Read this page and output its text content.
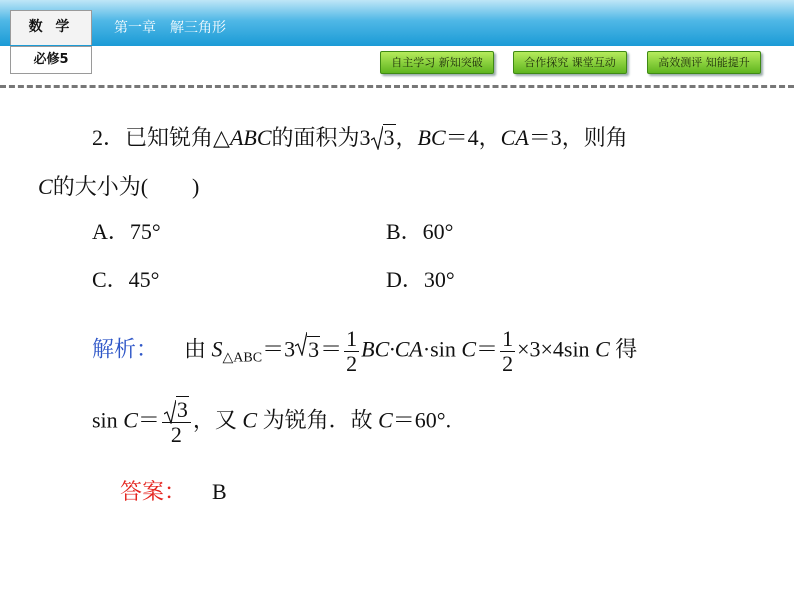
数 学	第一章　解三角形
必修5	自主学习 新知突破	合作探究 课堂互动	高效测评 知能提升
2．已知锐角△ABC的面积为3 3，BC＝4，CA＝3，则角
C的大小为(　　)
A．75°	B．60°
C．45°	D．30°
解析： 由 $S_{\triangle ABC}=3$ $3= \frac{1}{2} BC\cdot CA\cdot\sin$ $C= \frac{1}{2} \times 3\times 4\sin$ C 得
$\sin C= \frac{3}{2}$ ，又 C 为锐角．故 C＝60°.
答案： B
